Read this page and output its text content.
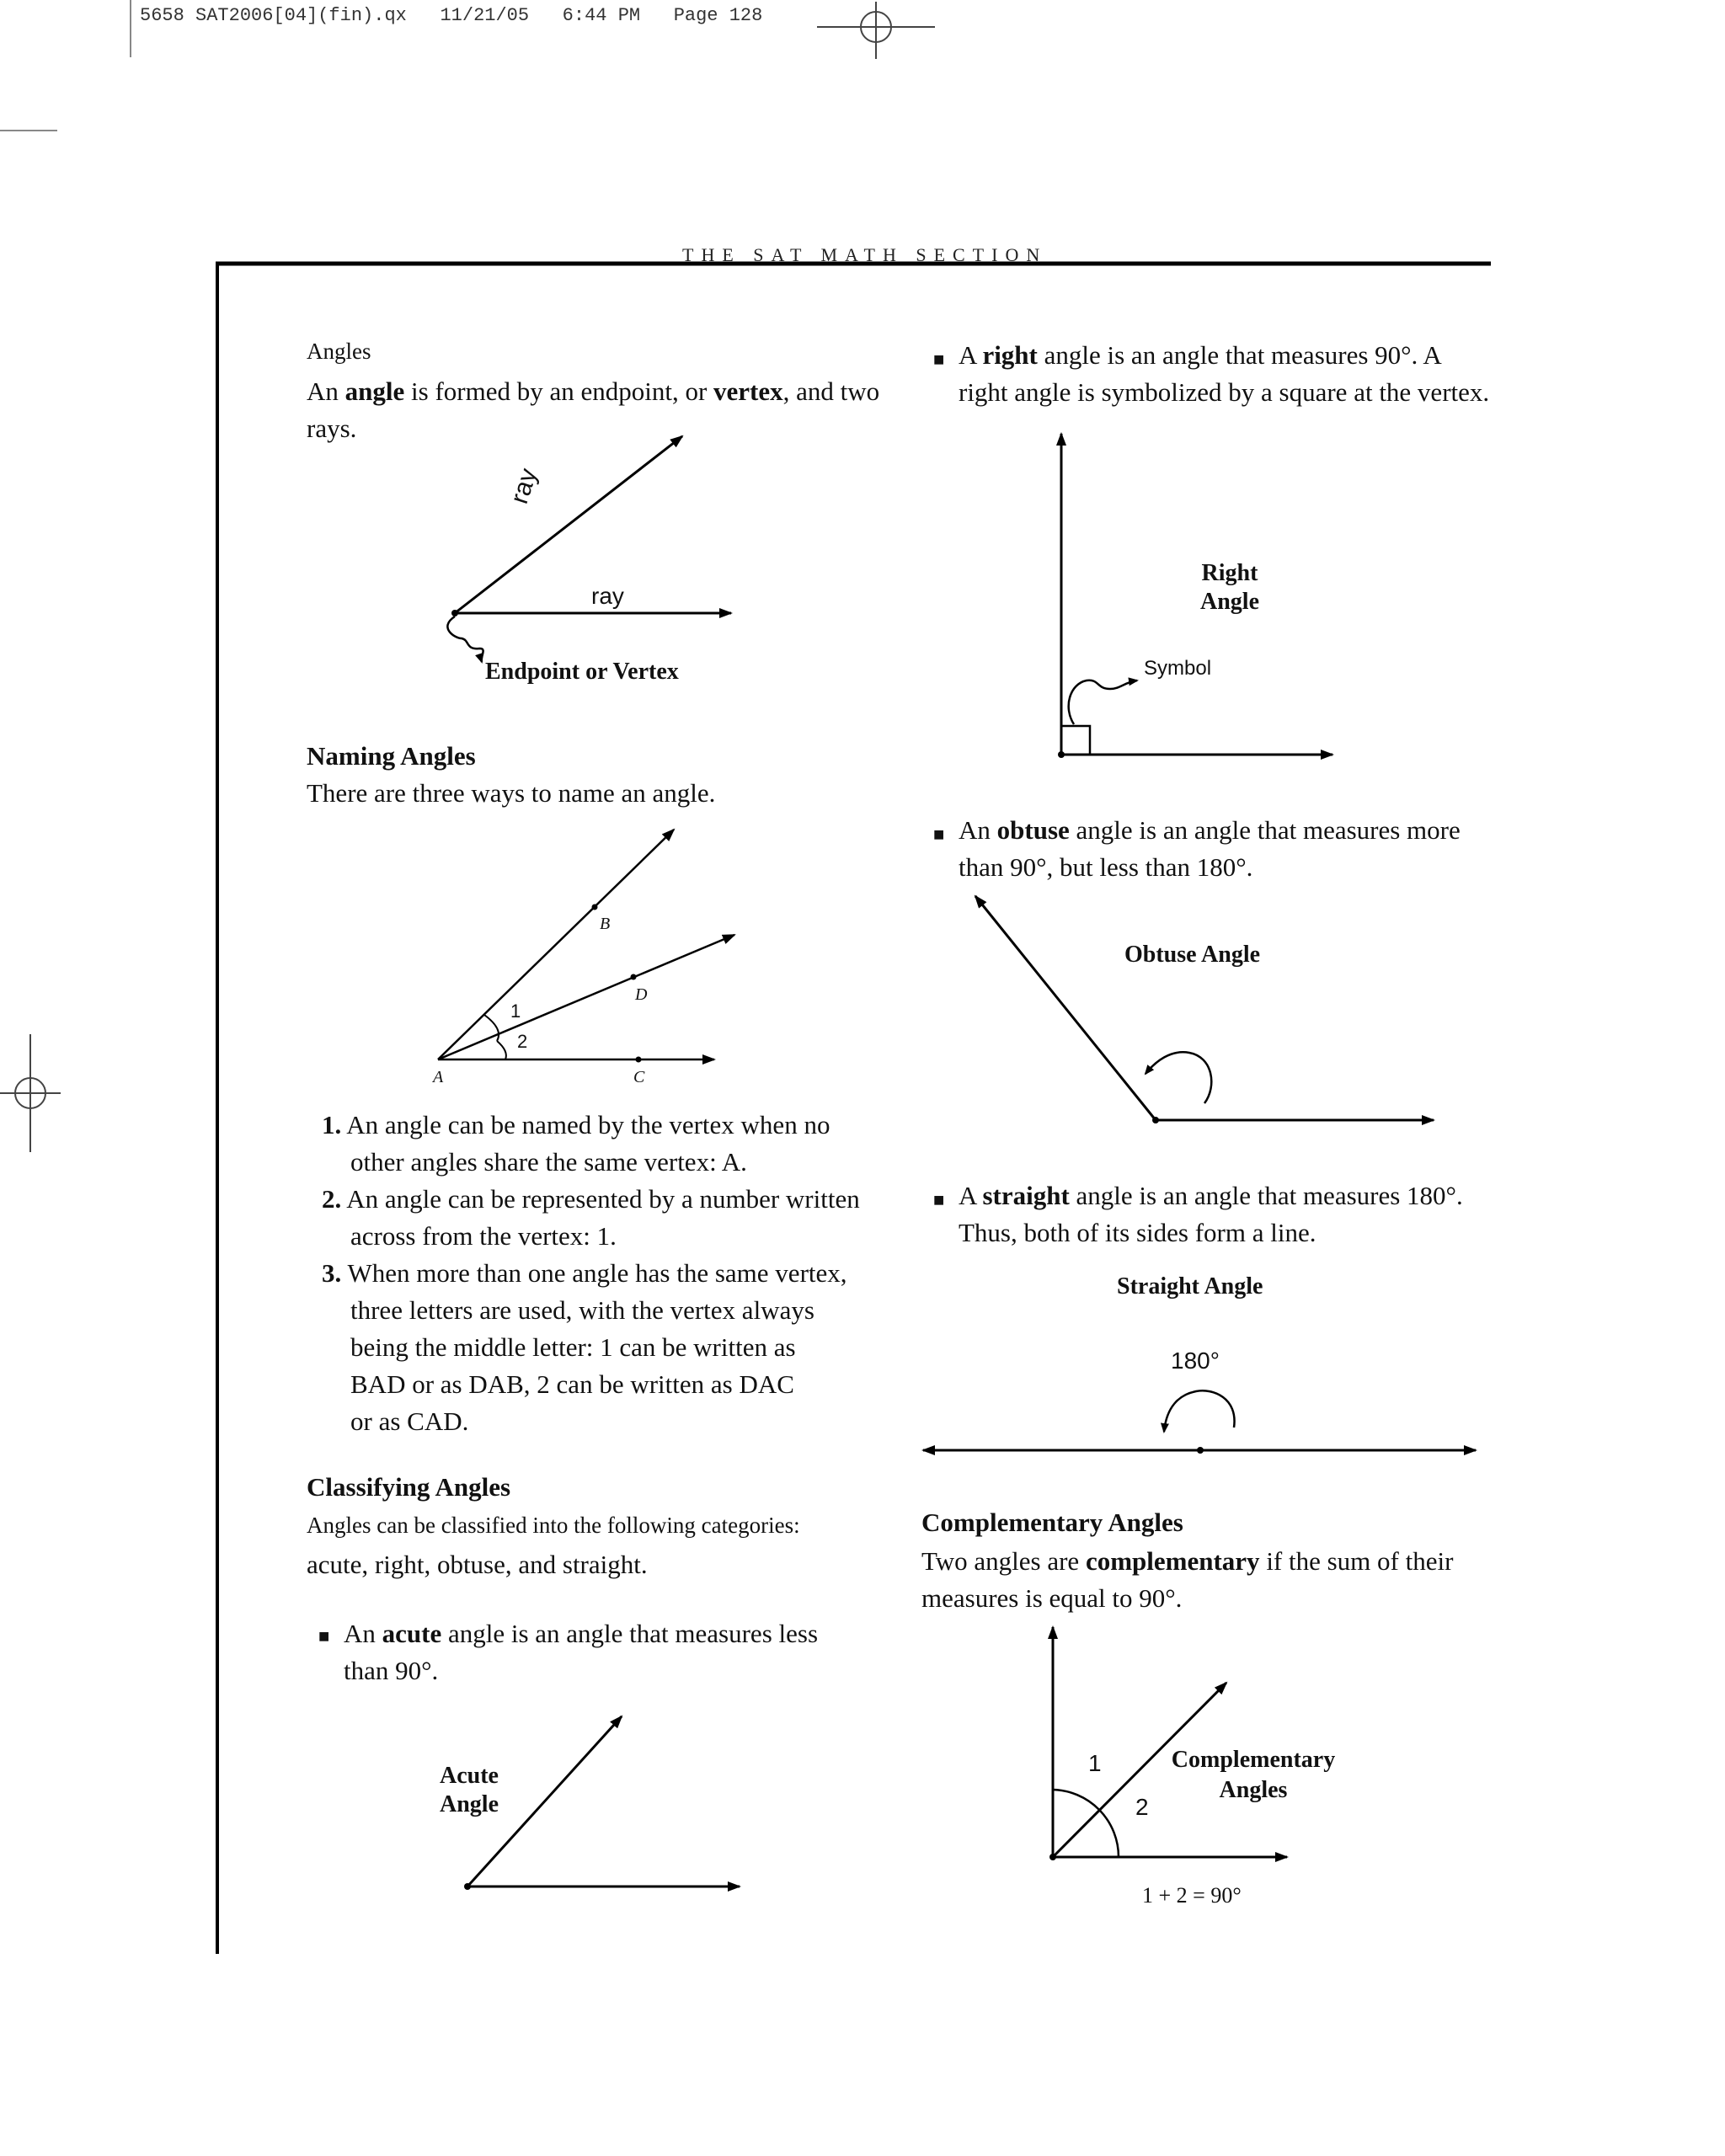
5658 SAT2006[04](fin).qx   11/21/05   6:44 PM   Page 128
THE SAT MATH SECTION
Angles
An angle is formed by an endpoint, or vertex, and two
rays.
ray
ray
Endpoint or Vertex
Naming Angles
There are three ways to name an angle.
B
D
A	C
1
2
1. An angle can be named by the vertex when no
other angles share the same vertex: A.
2. An angle can be represented by a number written
across from the vertex: 1.
3. When more than one angle has the same vertex,
three letters are used, with the vertex always
being the middle letter: 1 can be written as
BAD or as DAB, 2 can be written as DAC
or as CAD.
Classifying Angles
Angles can be classified into the following categories:
acute, right, obtuse, and straight.
■ An acute angle is an angle that measures less
than 90°.
Acute
Angle
■ A right angle is an angle that measures 90°. A
right angle is symbolized by a square at the vertex.
Right
Angle
Symbol
■ An obtuse angle is an angle that measures more
than 90°, but less than 180°.
Obtuse Angle
■ A straight angle is an angle that measures 180°.
Thus, both of its sides form a line.
Straight Angle
180°
Complementary Angles
Two angles are complementary if the sum of their
measures is equal to 90°.
1
2
Complementary
Angles
1 + 2 = 90°
